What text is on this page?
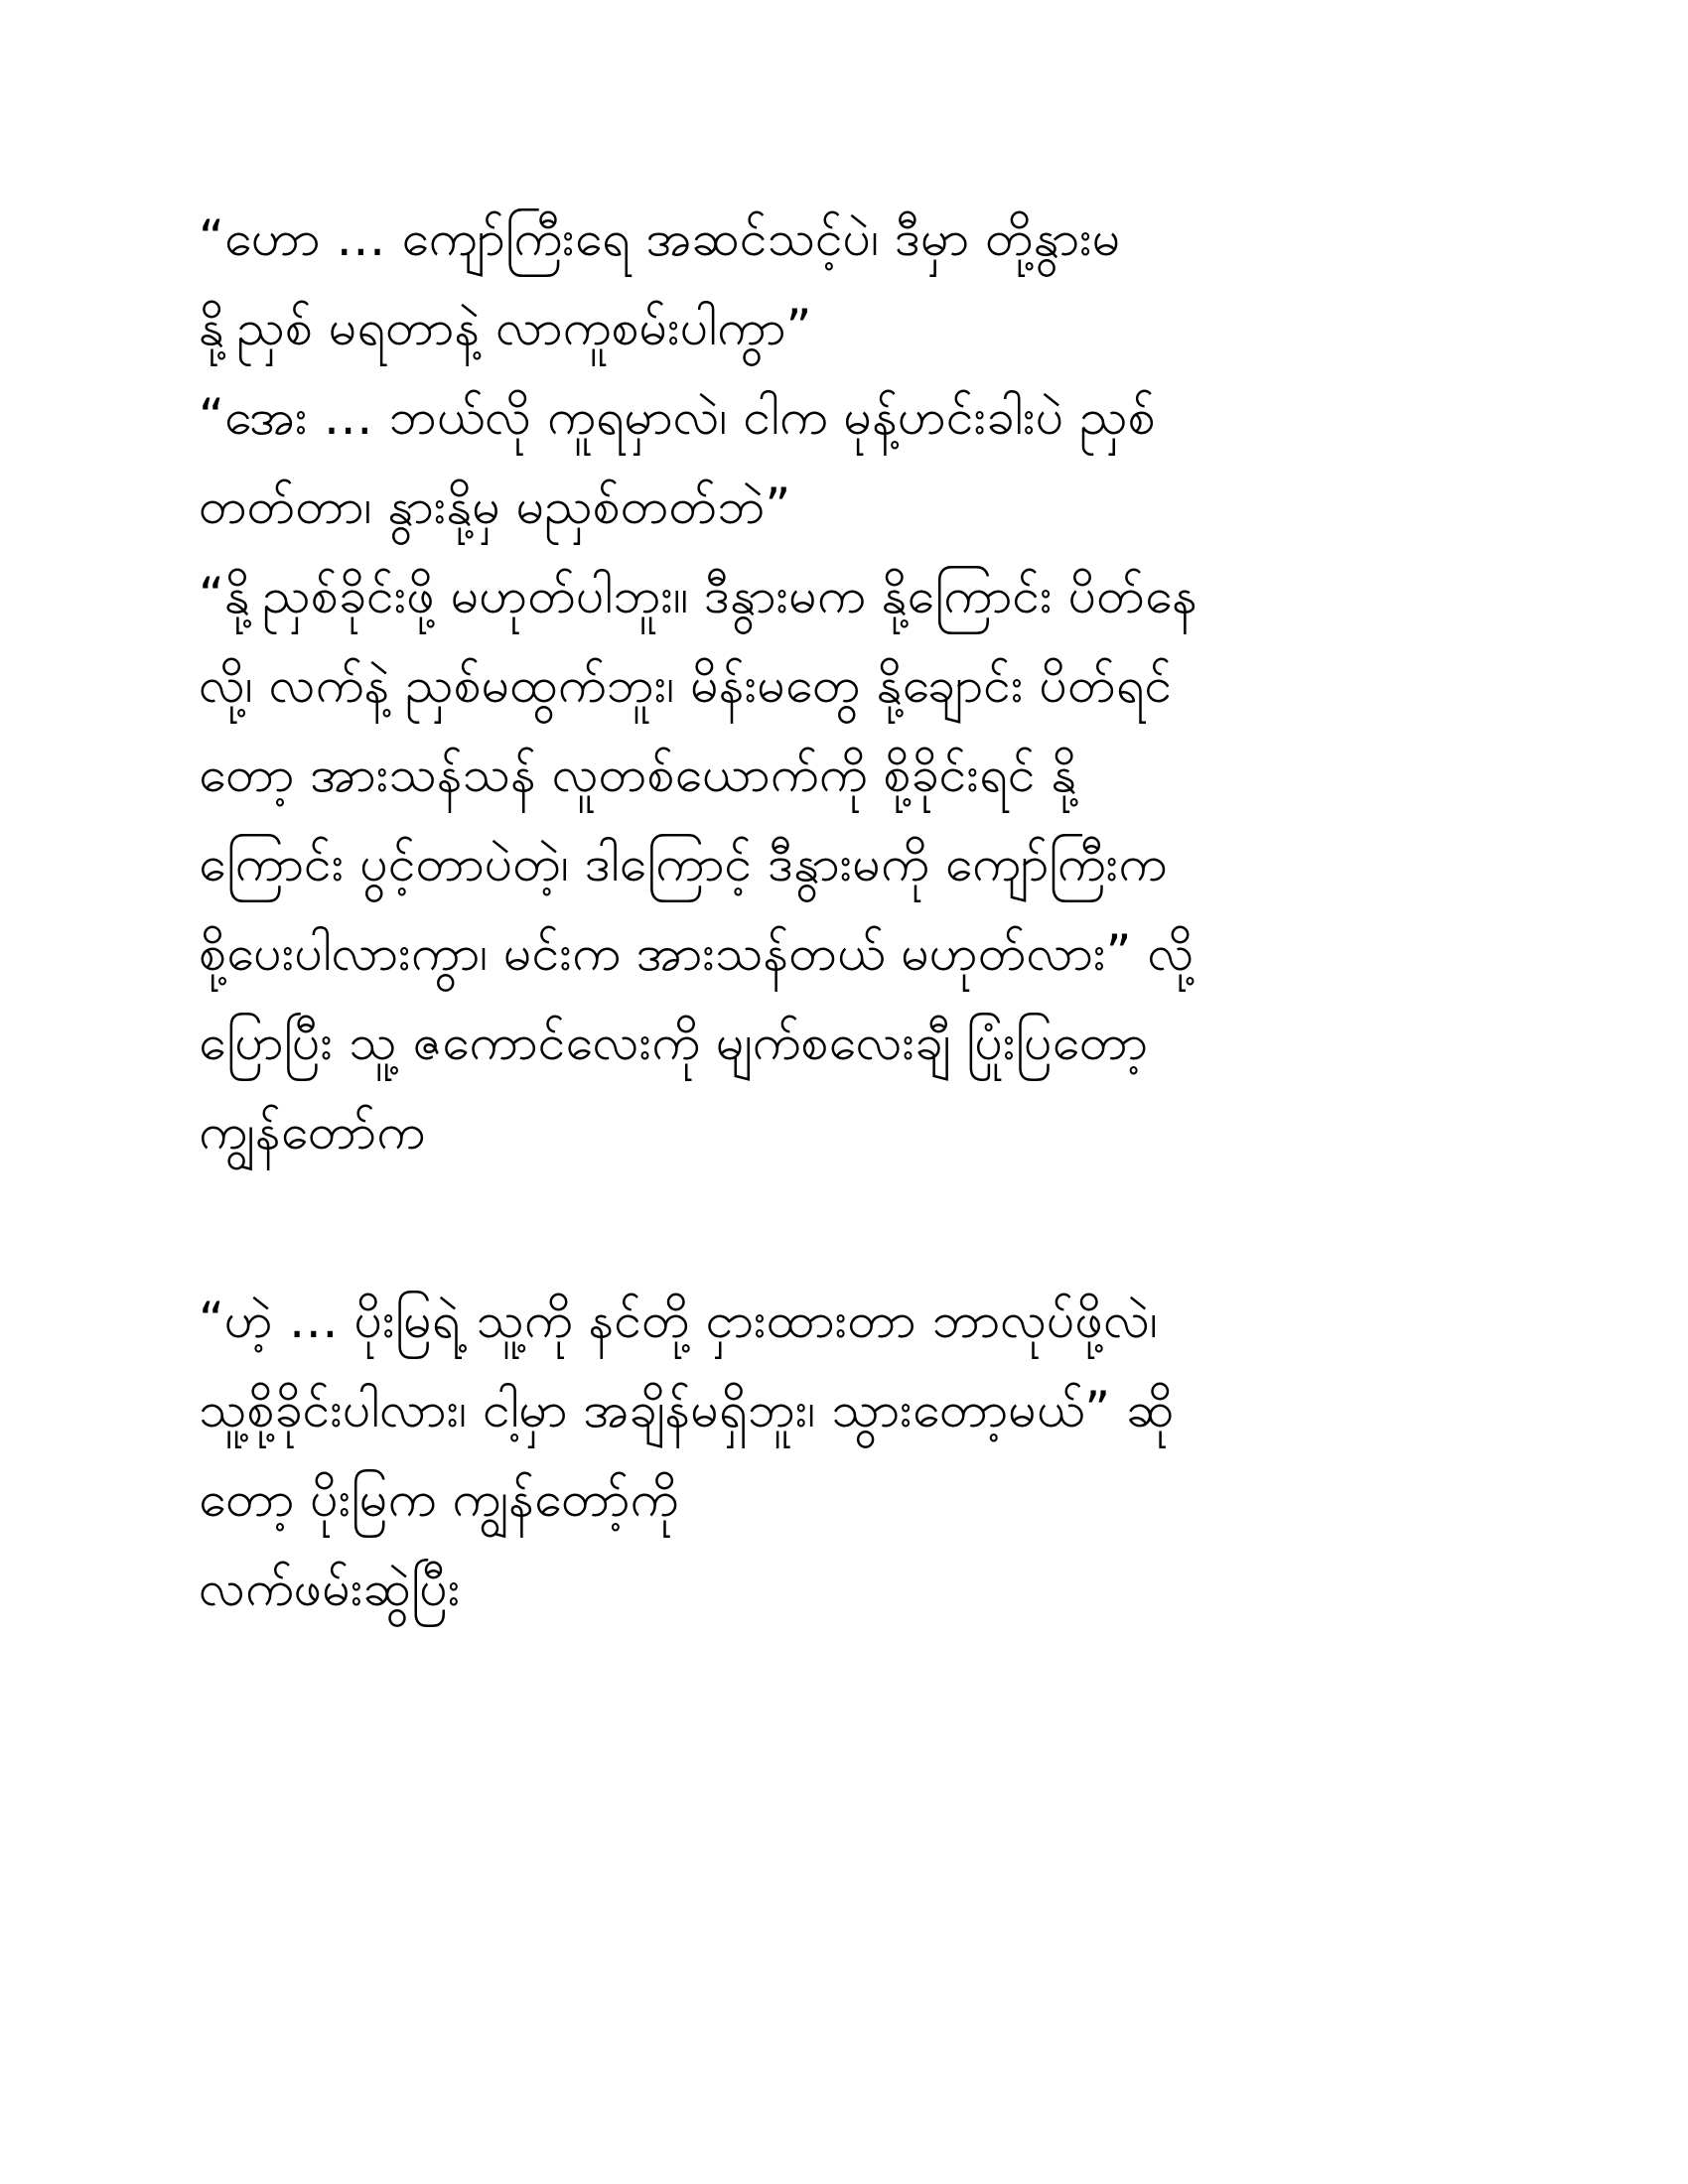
“ဟော … ကျော်ကြီးရေ အဆင်သင့်ပဲ၊ ဒီမှာ တို့နွားမ
နို့ညှစ် မရတာနဲ့ လာကူစမ်းပါကွာ”
“အေး … ဘယ်လို ကူရမှာလဲ၊ ငါက မုန့်ဟင်းခါးပဲ ညှစ်
တတ်တာ၊ နွားနို့မှ မညှစ်တတ်ဘဲ”
“နို့ညှစ်ခိုင်းဖို့ မဟုတ်ပါဘူး။ ဒီနွားမက နို့ကြောင်း ပိတ်နေ
လို့၊ လက်နဲ့ ညှစ်မထွက်ဘူး၊ မိန်းမတွေ နို့ချောင်း ပိတ်ရင်
တော့ အားသန်သန် လူတစ်ယောက်ကို စို့ခိုင်းရင် နို့
ကြောင်း ပွင့်တာပဲတဲ့၊ ဒါကြောင့် ဒီနွားမကို ကျော်ကြီးက
စို့ပေးပါလားကွာ၊ မင်းက အားသန်တယ် မဟုတ်လား” လို့
ပြောပြီး သူ့ ဇကောင်လေးကို မျက်စလေးချီ ပြုံးပြတော့
ကျွန်တော်က
“ဟဲ့ … ပိုးမြရဲ့ သူ့ကို နင်တို့ ငှားထားတာ ဘာလုပ်ဖို့လဲ၊
သူ့စို့ခိုင်းပါလား၊ ငါ့မှာ အချိန်မရှိဘူး၊ သွားတော့မယ်” ဆို
တော့ ပိုးမြက ကျွန်တော့်ကို
လက်ဖမ်းဆွဲပြီး
